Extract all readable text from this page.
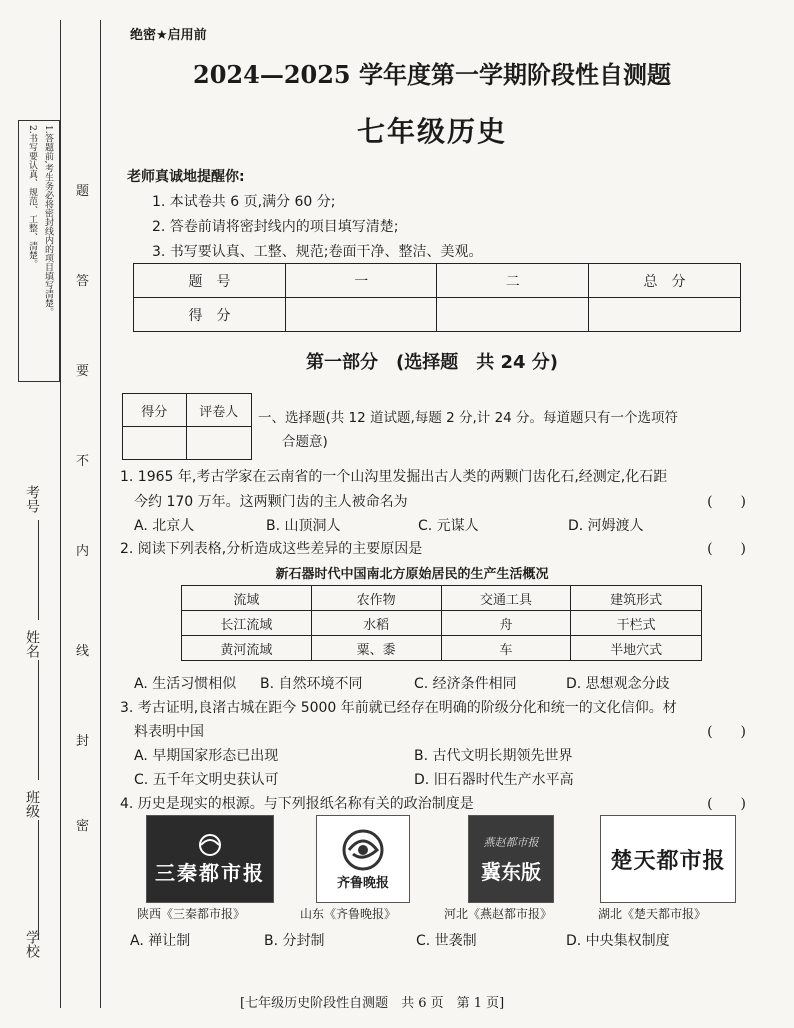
1.答题前,考生务必将密封线内的项目填写清楚。
2.书写要认真、规范、工整、清楚。
学校
班级
姓名
考号
题
答
要
不
内
线
封
密
绝密★启用前
2024—2025 学年度第一学期阶段性自测题
七年级历史
老师真诚地提醒你:
1. 本试卷共 6 页,满分 60 分;
2. 答卷前请将密封线内的项目填写清楚;
3. 书写要认真、工整、规范;卷面干净、整洁、美观。
题　号	一	二	总　分
得　分			
第一部分　(选择题　共 24 分)
得分	评卷人
	一、选择题(共 12 道试题,每题 2 分,计 24 分。每道题只有一个选项符
合题意)
1. 1965 年,考古学家在云南省的一个山沟里发掘出古人类的两颗门齿化石,经测定,化石距
今约 170 万年。这两颗门齿的主人被命名为	(　　)
A. 北京人	B. 山顶洞人	C. 元谋人	D. 河姆渡人
2. 阅读下列表格,分析造成这些差异的主要原因是	(　　)
新石器时代中国南北方原始居民的生产生活概况
流域	农作物	交通工具	建筑形式
长江流域	水稻	舟	干栏式
黄河流域	粟、黍	车	半地穴式
A. 生活习惯相似 B. 自然环境不同	C. 经济条件相同	D. 思想观念分歧
3. 考古证明,良渚古城在距今 5000 年前就已经存在明确的阶级分化和统一的文化信仰。材
料表明中国	(　　)
A. 早期国家形态已出现	B. 古代文明长期领先世界
C. 五千年文明史获认可	D. 旧石器时代生产水平高
4. 历史是现实的根源。与下列报纸名称有关的政治制度是	(　　)
三秦都市报	齐鲁晚报
燕赵都市报
冀东版	楚天都市报
陕西《三秦都市报》	山东《齐鲁晚报》	河北《燕赵都市报》	湖北《楚天都市报》
A. 禅让制	B. 分封制	C. 世袭制	D. 中央集权制度
[七年级历史阶段性自测题　共 6 页　第 1 页]
